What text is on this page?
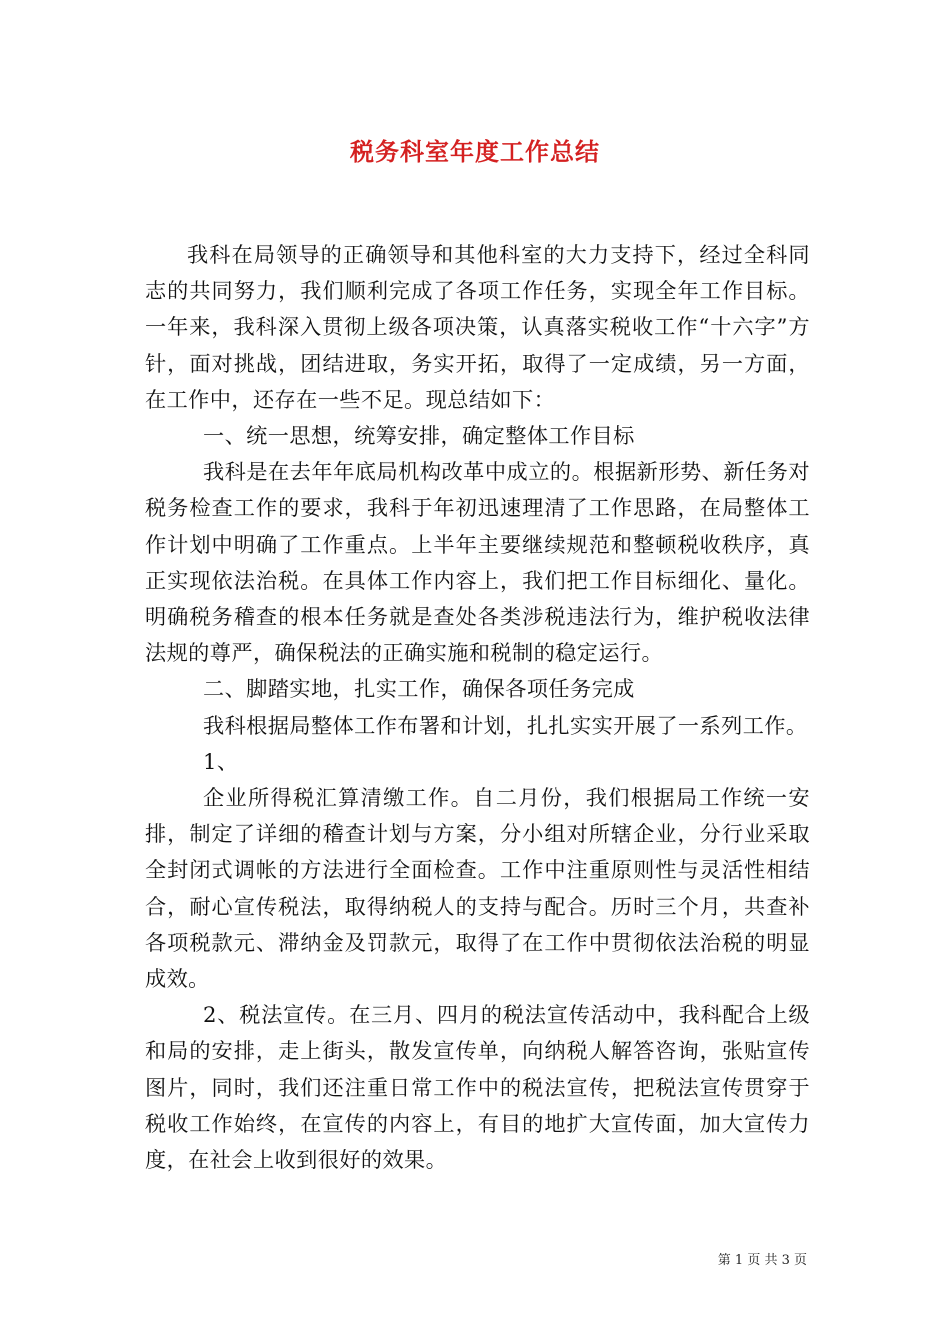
税务科室年度工作总结

我科在局领导的正确领导和其他科室的大力支持下，经过全科同志的共同努力，我们顺利完成了各项工作任务，实现全年工作目标。一年来，我科深入贯彻上级各项决策，认真落实税收工作“十六字”方针，面对挑战，团结进取，务实开拓，取得了一定成绩，另一方面，在工作中，还存在一些不足。现总结如下：

一、统一思想，统筹安排，确定整体工作目标

我科是在去年年底局机构改革中成立的。根据新形势、新任务对税务检查工作的要求，我科于年初迅速理清了工作思路，在局整体工作计划中明确了工作重点。上半年主要继续规范和整顿税收秩序，真正实现依法治税。在具体工作内容上，我们把工作目标细化、量化。明确税务稽查的根本任务就是查处各类涉税违法行为，维护税收法律法规的尊严，确保税法的正确实施和税制的稳定运行。

二、脚踏实地，扎实工作，确保各项任务完成

我科根据局整体工作布署和计划，扎扎实实开展了一系列工作。

1、

企业所得税汇算清缴工作。自二月份，我们根据局工作统一安排，制定了详细的稽查计划与方案，分小组对所辖企业，分行业采取全封闭式调帐的方法进行全面检查。工作中注重原则性与灵活性相结合，耐心宣传税法，取得纳税人的支持与配合。历时三个月，共查补各项税款元、滞纳金及罚款元，取得了在工作中贯彻依法治税的明显成效。

2、税法宣传。在三月、四月的税法宣传活动中，我科配合上级和局的安排，走上街头，散发宣传单，向纳税人解答咨询，张贴宣传图片，同时，我们还注重日常工作中的税法宣传，把税法宣传贯穿于税收工作始终，在宣传的内容上，有目的地扩大宣传面，加大宣传力度，在社会上收到很好的效果。

第 1 页 共 3 页
